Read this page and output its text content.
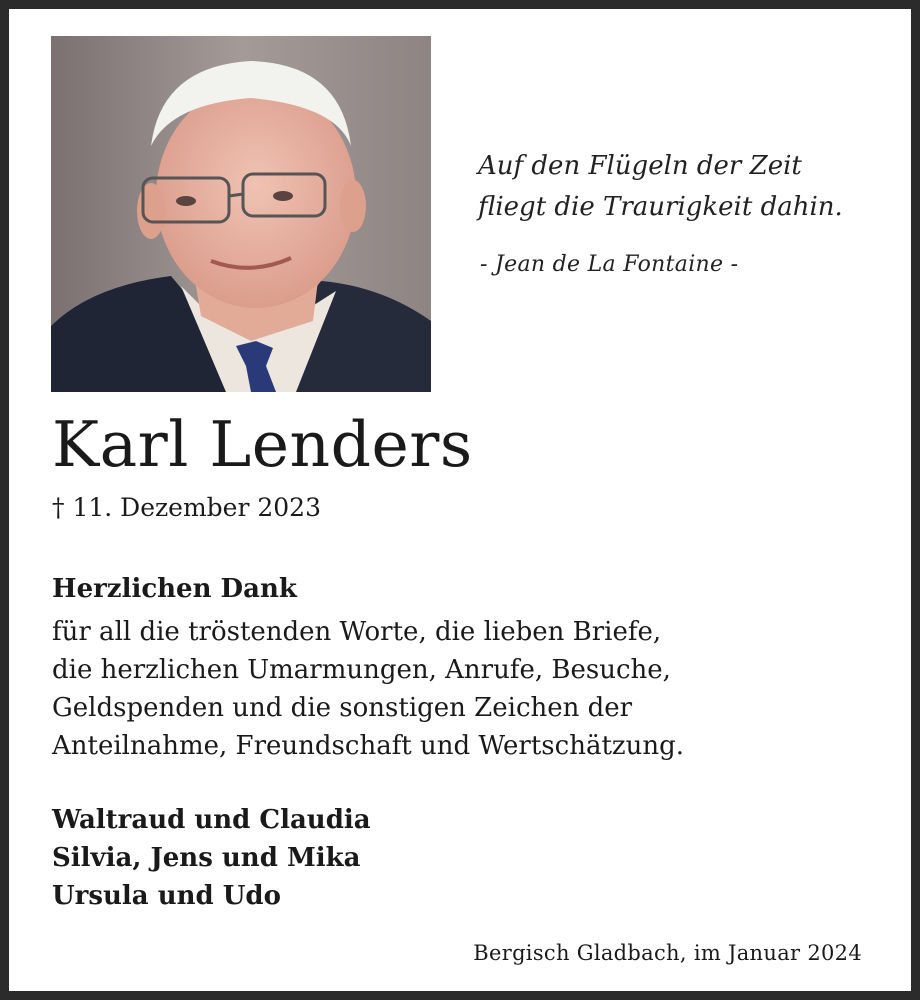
Auf den Flügeln der Zeit
fliegt die Traurigkeit dahin.
- Jean de La Fontaine -
Karl Lenders
† 11. Dezember 2023
Herzlichen Dank
für all die tröstenden Worte, die lieben Briefe,
die herzlichen Umarmungen, Anrufe, Besuche,
Geldspenden und die sonstigen Zeichen der
Anteilnahme, Freundschaft und Wertschätzung.
Waltraud und Claudia
Silvia, Jens und Mika
Ursula und Udo
Bergisch Gladbach, im Januar 2024
